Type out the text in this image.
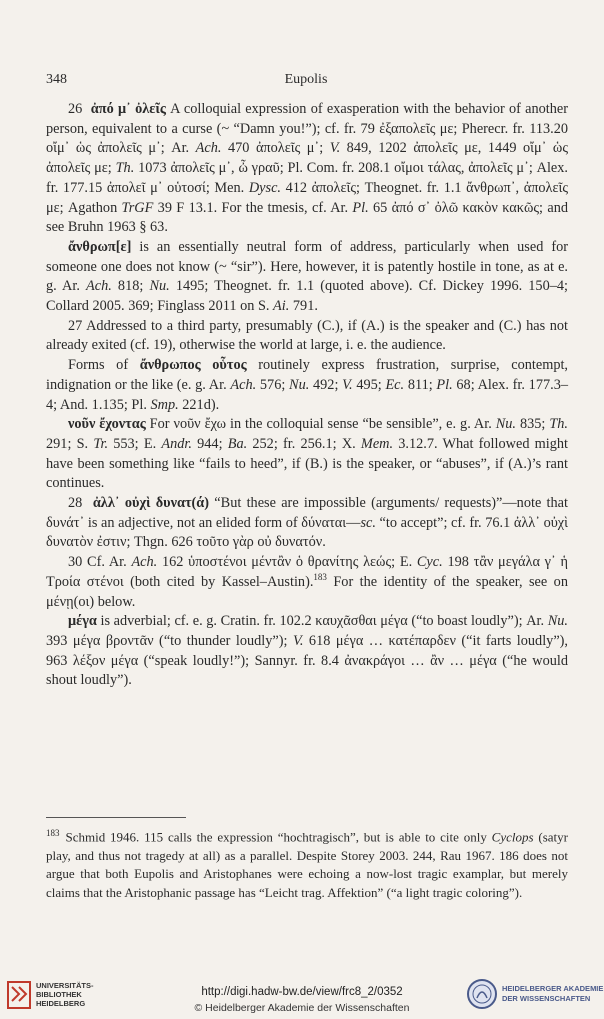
348	Eupolis

26 ἀπό μ᾽ ὀλεῖς A colloquial expression of exasperation with the behavior of another person, equivalent to a curse (~ “Damn you!”); cf. fr. 79 ἐξαπολεῖς με; Pherecr. fr. 113.20 οἴμ᾽ ὡς ἀπολεῖς μ᾽; Ar. Ach. 470 ἀπολεῖς μ᾽; V. 849, 1202 ἀπολεῖς με, 1449 οἴμ᾽ ὡς ἀπολεῖς με; Th. 1073 ἀπολεῖς μ᾽, ὦ γραῦ; Pl. Com. fr. 208.1 οἴμοι τάλας, ἀπολεῖς μ᾽; Alex. fr. 177.15 ἀπολεῖ μ᾽ οὑτοσί; Men. Dysc. 412 ἀπολεῖς; Theognet. fr. 1.1 ἄνθρωπ᾽, ἀπολεῖς με; Agathon TrGF 39 F 13.1. For the tmesis, cf. Ar. Pl. 65 ἀπό σ᾽ ὀλῶ κακὸν κακῶς; and see Bruhn 1963 § 63.

ἄνθρωπ[ε] is an essentially neutral form of address, particularly when used for someone one does not know (~ “sir”). Here, however, it is patently hostile in tone, as at e. g. Ar. Ach. 818; Nu. 1495; Theognet. fr. 1.1 (quoted above). Cf. Dickey 1996. 150–4; Collard 2005. 369; Finglass 2011 on S. Ai. 791.

27 Addressed to a third party, presumably (C.), if (A.) is the speaker and (C.) has not already exited (cf. 19), otherwise the world at large, i. e. the audience.

Forms of ἄνθρωπος οὗτος routinely express frustration, surprise, contempt, indignation or the like (e. g. Ar. Ach. 576; Nu. 492; V. 495; Ec. 811; Pl. 68; Alex. fr. 177.3–4; And. 1.135; Pl. Smp. 221d).

νοῦν ἔχοντας For νοῦν ἔχω in the colloquial sense “be sensible”, e. g. Ar. Nu. 835; Th. 291; S. Tr. 553; E. Andr. 944; Ba. 252; fr. 256.1; X. Mem. 3.12.7. What followed might have been something like “fails to heed”, if (B.) is the speaker, or “abuses”, if (A.)’s rant continues.

28 ἀλλ᾽ οὐχὶ δυνατ(ά) “But these are impossible (arguments/ requests)”—note that δυνάτ᾽ is an adjective, not an elided form of δύναται—sc. “to accept”; cf. fr. 76.1 ἀλλ᾽ οὐχὶ δυνατὸν ἐστιν; Thgn. 626 τοῦτο γὰρ οὐ δυνατόν.

30 Cf. Ar. Ach. 162 ὑποστένοι μέντἂν ὁ θρανίτης λεώς; E. Cyc. 198 τἂν μεγάλα γ᾽ ἡ Τροία στένοι (both cited by Kassel–Austin).$^{183}$ For the identity of the speaker, see on μένῃ(οι) below.

μέγα is adverbial; cf. e. g. Cratin. fr. 102.2 καυχᾶσθαι μέγα (“to boast loudly”); Ar. Nu. 393 μέγα βροντᾶν (“to thunder loudly”); V. 618 μέγα … κατέπαρδεν (“it farts loudly”), 963 λέξον μέγα (“speak loudly!”); Sannyr. fr. 8.4 ἀνακράγοι … ἂν … μέγα (“he would shout loudly”).

$^{183}$ Schmid 1946. 115 calls the expression “hochtragisch”, but is able to cite only Cyclops (satyr play, and thus not tragedy at all) as a parallel. Despite Storey 2003. 244, Rau 1967. 186 does not argue that both Eupolis and Aristophanes were echoing a now-lost tragic examplar, but merely claims that the Aristophanic passage has “Leicht trag. Affektion” (“a light tragic coloring”).
UNIVERSITÄTS-
BIBLIOTHEK
HEIDELBERG
http://digi.hadw-bw.de/view/frc8_2/0352
© Heidelberger Akademie der Wissenschaften
HEIDELBERGER AKADEMIE
DER WISSENSCHAFTEN
